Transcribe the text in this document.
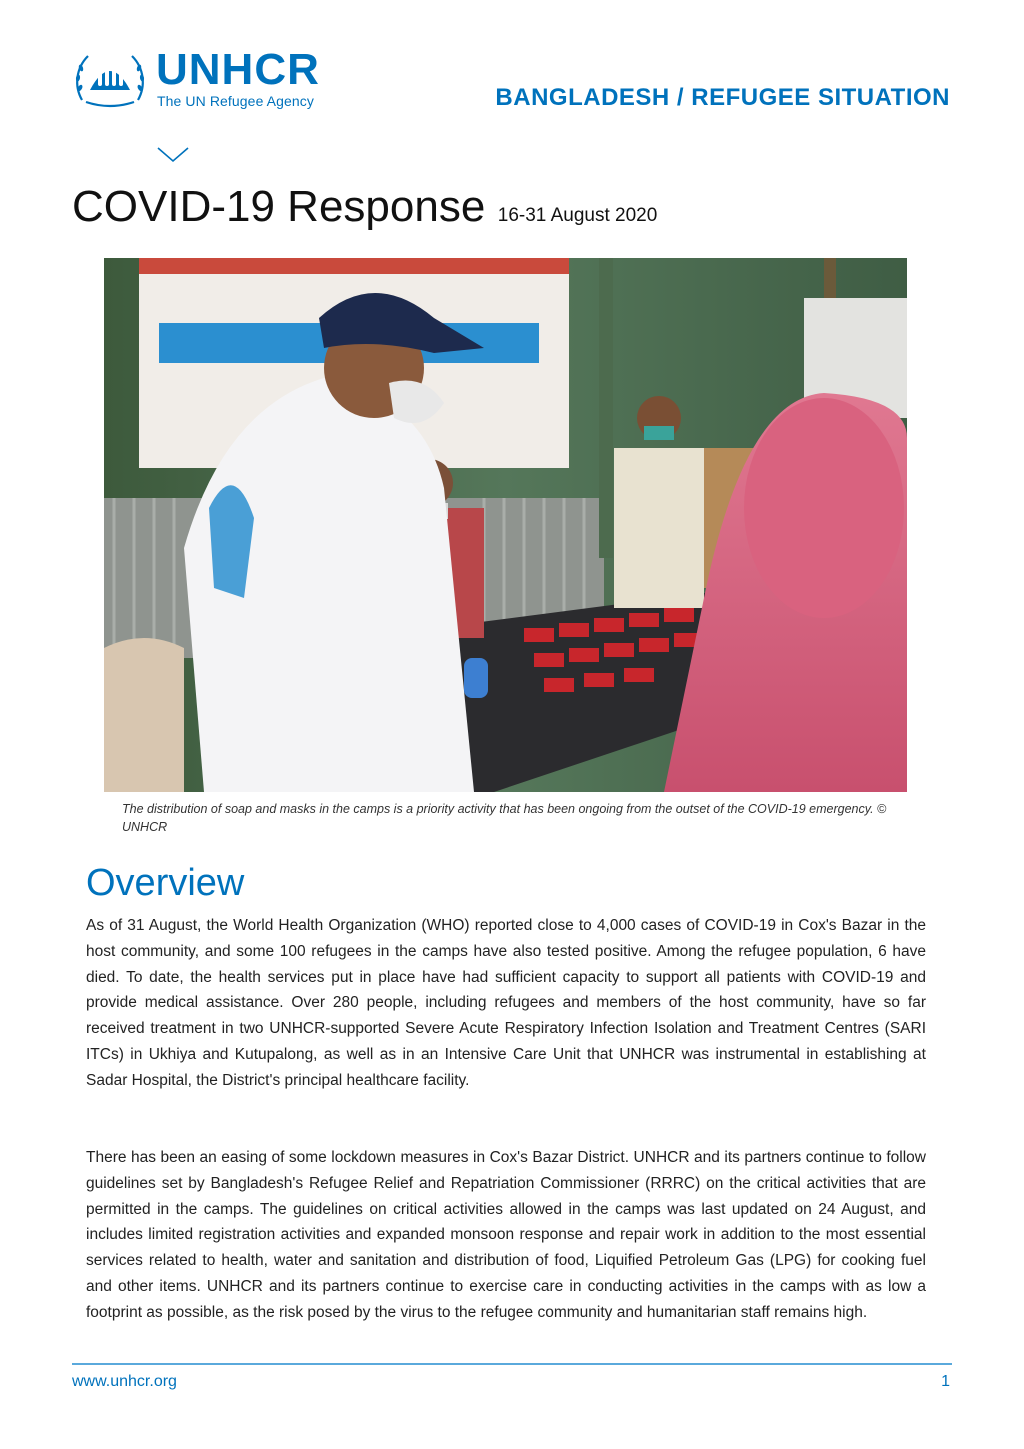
UNHCR
The UN Refugee Agency	BANGLADESH / REFUGEE SITUATION
COVID-19 Response 16-31 August 2020
The distribution of soap and masks in the camps is a priority activity that has been ongoing from the outset of the COVID-19 emergency. © UNHCR
Overview

As of 31 August, the World Health Organization (WHO) reported close to 4,000 cases of COVID-19 in Cox's Bazar in the host community, and some 100 refugees in the camps have also tested positive. Among the refugee population, 6 have died. To date, the health services put in place have had sufficient capacity to support all patients with COVID-19 and provide medical assistance. Over 280 people, including refugees and members of the host community, have so far received treatment in two UNHCR-supported Severe Acute Respiratory Infection Isolation and Treatment Centres (SARI ITCs) in Ukhiya and Kutupalong, as well as in an Intensive Care Unit that UNHCR was instrumental in establishing at Sadar Hospital, the District's principal healthcare facility.

There has been an easing of some lockdown measures in Cox's Bazar District. UNHCR and its partners continue to follow guidelines set by Bangladesh's Refugee Relief and Repatriation Commissioner (RRRC) on the critical activities that are permitted in the camps. The guidelines on critical activities allowed in the camps was last updated on 24 August, and includes limited registration activities and expanded monsoon response and repair work in addition to the most essential services related to health, water and sanitation and distribution of food, Liquified Petroleum Gas (LPG) for cooking fuel and other items. UNHCR and its partners continue to exercise care in conducting activities in the camps with as low a footprint as possible, as the risk posed by the virus to the refugee community and humanitarian staff remains high.

www.unhcr.org	1
